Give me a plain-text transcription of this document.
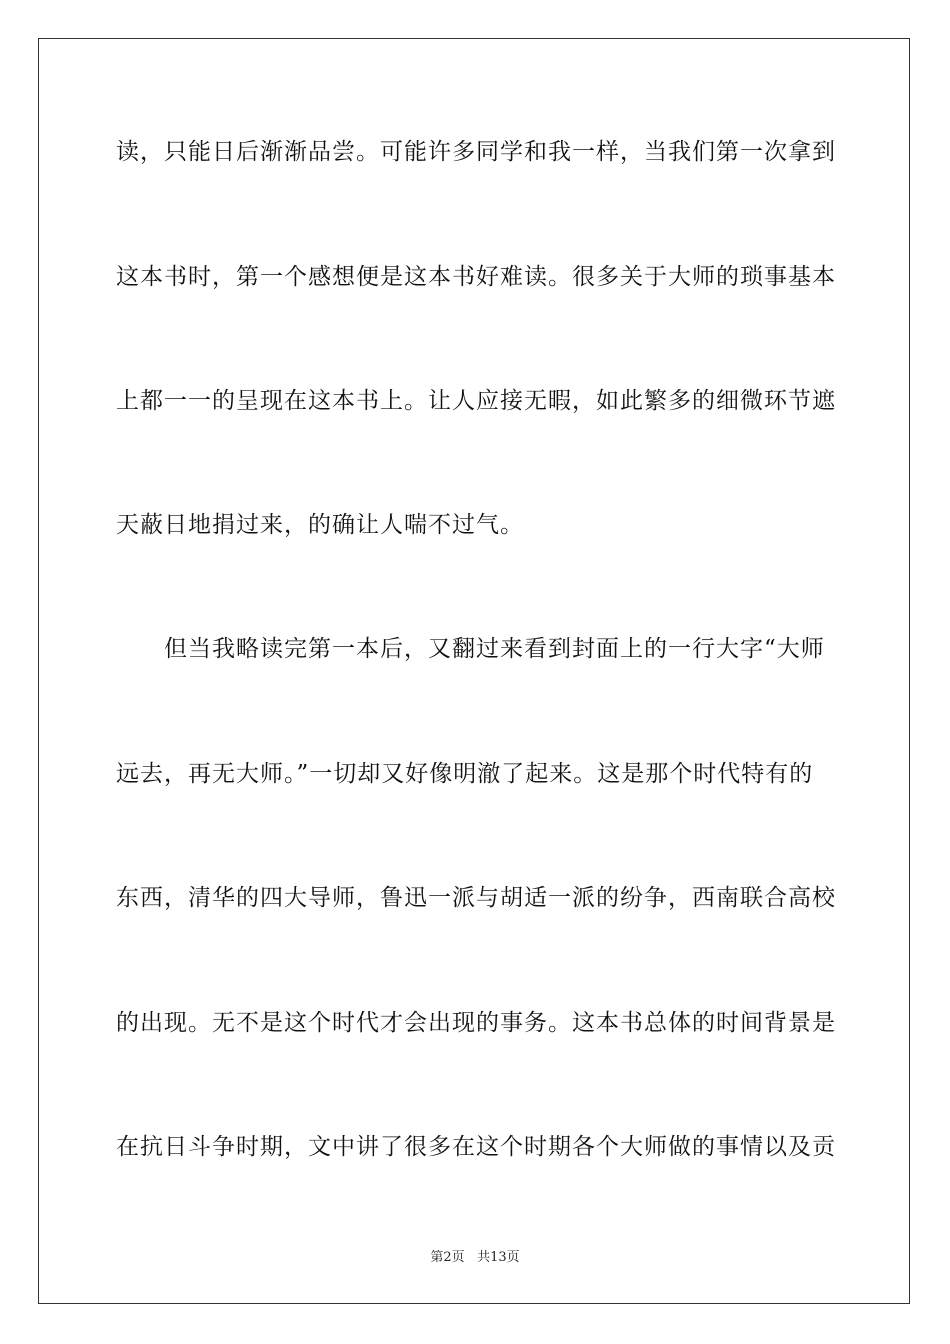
读，只能日后渐渐品尝。可能许多同学和我一样，当我们第一次拿到
这本书时，第一个感想便是这本书好难读。很多关于大师的琐事基本
上都一一的呈现在这本书上。让人应接无暇，如此繁多的细微环节遮
天蔽日地捐过来，的确让人喘不过气。
　　但当我略读完第一本后，又翻过来看到封面上的一行大字“大师
远去，再无大师。”一切却又好像明澈了起来。这是那个时代特有的
东西，清华的四大导师，鲁迅一派与胡适一派的纷争，西南联合高校
的出现。无不是这个时代才会出现的事务。这本书总体的时间背景是
在抗日斗争时期，文中讲了很多在这个时期各个大师做的事情以及贡
第2页 共13页
